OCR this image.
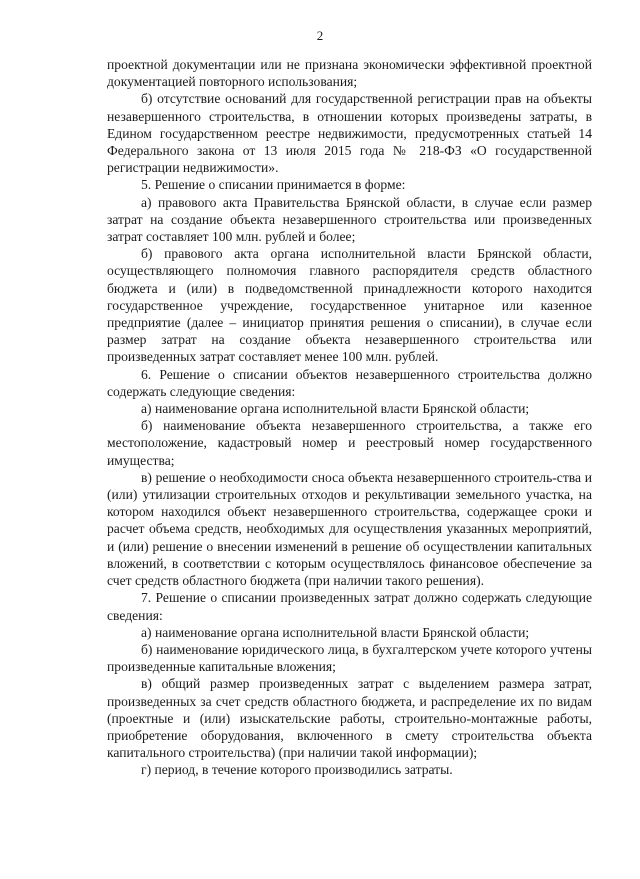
2

проектной документации или не признана экономически эффективной проектной документацией повторного использования;

б) отсутствие оснований для государственной регистрации прав на объекты незавершенного строительства, в отношении которых произведены затраты, в Едином государственном реестре недвижимости, предусмотренных статьей 14 Федерального закона от 13 июля 2015 года № 218-ФЗ «О государственной регистрации недвижимости».

5. Решение о списании принимается в форме:

а) правового акта Правительства Брянской области, в случае если размер затрат на создание объекта незавершенного строительства или произведенных затрат составляет 100 млн. рублей и более;

б) правового акта органа исполнительной власти Брянской области, осуществляющего полномочия главного распорядителя средств областного бюджета и (или) в подведомственной принадлежности которого находится государственное учреждение, государственное унитарное или казенное предприятие (далее – инициатор принятия решения о списании), в случае если размер затрат на создание объекта незавершенного строительства или произведенных затрат составляет менее 100 млн. рублей.

6. Решение о списании объектов незавершенного строительства должно содержать следующие сведения:

а) наименование органа исполнительной власти Брянской области;

б) наименование объекта незавершенного строительства, а также его местоположение, кадастровый номер и реестровый номер государственного имущества;

в) решение о необходимости сноса объекта незавершенного строитель-ства и (или) утилизации строительных отходов и рекультивации земельного участка, на котором находился объект незавершенного строительства, содержащее сроки и расчет объема средств, необходимых для осуществления указанных мероприятий, и (или) решение о внесении изменений в решение об осуществлении капитальных вложений, в соответствии с которым осуществлялось финансовое обеспечение за счет средств областного бюджета (при наличии такого решения).

7. Решение о списании произведенных затрат должно содержать следующие сведения:

а) наименование органа исполнительной власти Брянской области;

б) наименование юридического лица, в бухгалтерском учете которого учтены произведенные капитальные вложения;

в) общий размер произведенных затрат с выделением размера затрат, произведенных за счет средств областного бюджета, и распределение их по видам (проектные и (или) изыскательские работы, строительно-монтажные работы, приобретение оборудования, включенного в смету строительства объекта капитального строительства) (при наличии такой информации);

г) период, в течение которого производились затраты.
